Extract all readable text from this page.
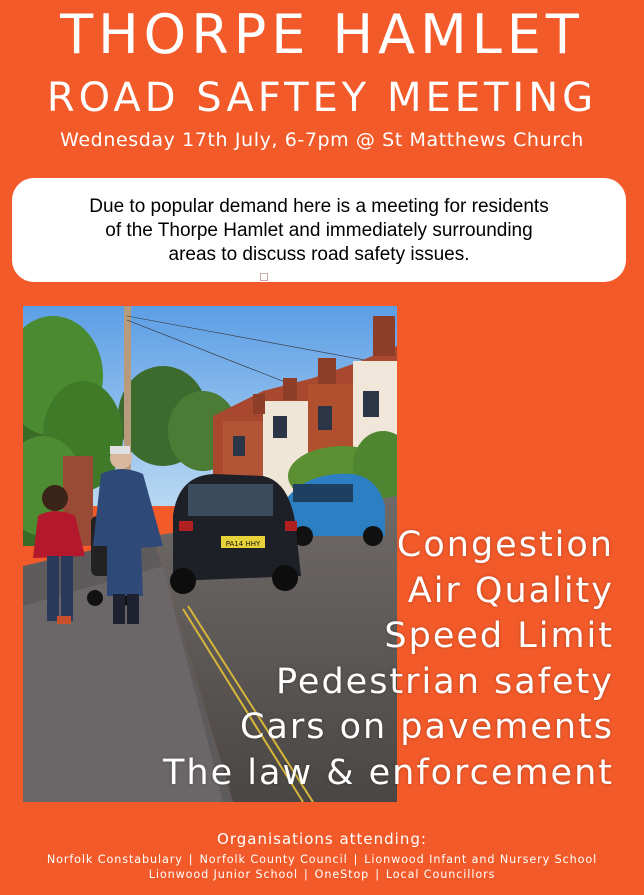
THORPE HAMLET
ROAD SAFTEY MEETING
Wednesday 17th July, 6-7pm @ St Matthews Church
Due to popular demand here is a meeting for residents
of the Thorpe Hamlet and immediately surrounding
areas to discuss road safety issues.
PA14 HHY	Congestion
Air Quality
Speed Limit
Pedestrian safety
Cars on pavements
The law & enforcement
Organisations attending:
Norfolk Constabulary | Norfolk County Council | Lionwood Infant and Nursery School
Lionwood Junior School | OneStop | Local Councillors
